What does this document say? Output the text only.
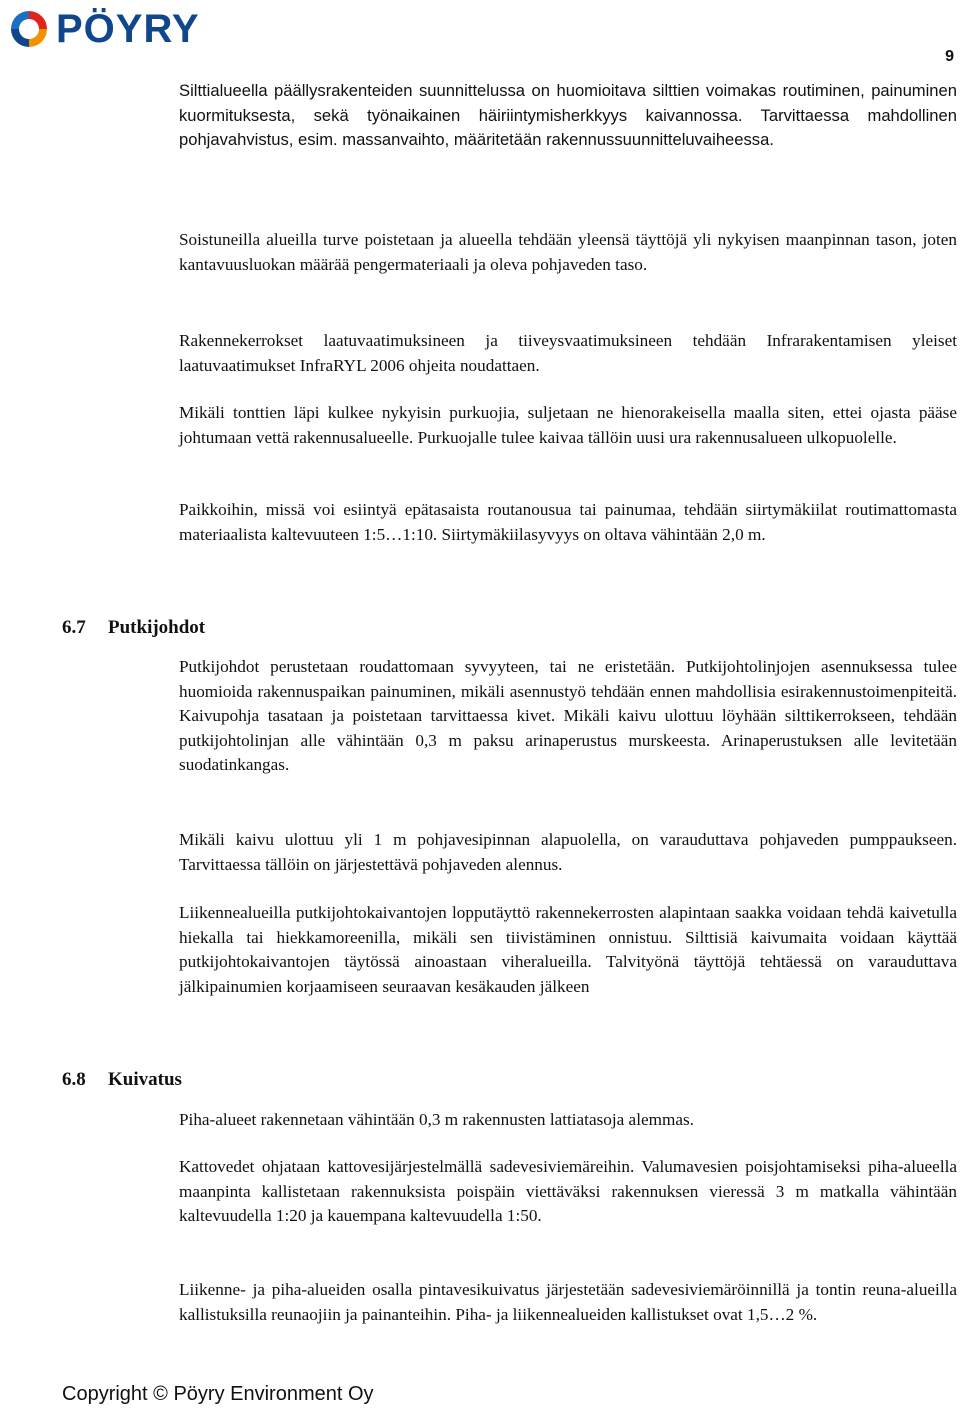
PÖYRY
9

Silttialueella päällysrakenteiden suunnittelussa on huomioitava silttien voimakas routiminen, painuminen kuormituksesta, sekä työnaikainen häiriintymisherkkyys kaivannossa. Tarvittaessa mahdollinen pohjavahvistus, esim. massanvaihto, määritetään rakennussuunnitteluvaiheessa.

Soistuneilla alueilla turve poistetaan ja alueella tehdään yleensä täyttöjä yli nykyisen maanpinnan tason, joten kantavuusluokan määrää pengermateriaali ja oleva pohjaveden taso.

Rakennekerrokset laatuvaatimuksineen ja tiiveysvaatimuksineen tehdään Infrarakentamisen yleiset laatuvaatimukset InfraRYL 2006 ohjeita noudattaen.

Mikäli tonttien läpi kulkee nykyisin purkuojia, suljetaan ne hienorakeisella maalla siten, ettei ojasta pääse johtumaan vettä rakennusalueelle. Purkuojalle tulee kaivaa tällöin uusi ura rakennusalueen ulkopuolelle.

Paikkoihin, missä voi esiintyä epätasaista routanousua tai painumaa, tehdään siirtymäkiilat routimattomasta materiaalista kaltevuuteen 1:5…1:10. Siirtymäkiilasyvyys on oltava vähintään 2,0 m.

6.7 Putkijohdot

Putkijohdot perustetaan roudattomaan syvyyteen, tai ne eristetään. Putkijohtolinjojen asennuksessa tulee huomioida rakennuspaikan painuminen, mikäli asennustyö tehdään ennen mahdollisia esirakennustoimenpiteitä. Kaivupohja tasataan ja poistetaan tarvittaessa kivet. Mikäli kaivu ulottuu löyhään silttikerrokseen, tehdään putkijohtolinjan alle vähintään 0,3 m paksu arinaperustus murskeesta. Arinaperustuksen alle levitetään suodatinkangas.

Mikäli kaivu ulottuu yli 1 m pohjavesipinnan alapuolella, on varauduttava pohjaveden pumppaukseen. Tarvittaessa tällöin on järjestettävä pohjaveden alennus.

Liikennealueilla putkijohtokaivantojen lopputäyttö rakennekerrosten alapintaan saakka voidaan tehdä kaivetulla hiekalla tai hiekkamoreenilla, mikäli sen tiivistäminen onnistuu. Silttisiä kaivumaita voidaan käyttää putkijohtokaivantojen täytössä ainoastaan viheralueilla. Talvityönä täyttöjä tehtäessä on varauduttava jälkipainumien korjaamiseen seuraavan kesäkauden jälkeen

6.8 Kuivatus

Piha-alueet rakennetaan vähintään 0,3 m rakennusten lattiatasoja alemmas.

Kattovedet ohjataan kattovesijärjestelmällä sadevesiviemäreihin. Valumavesien poisjohtamiseksi piha-alueella maanpinta kallistetaan rakennuksista poispäin viettäväksi rakennuksen vieressä 3 m matkalla vähintään kaltevuudella 1:20 ja kauempana kaltevuudella 1:50.

Liikenne- ja piha-alueiden osalla pintavesikuivatus järjestetään sadevesiviemäröinnillä ja tontin reuna-alueilla kallistuksilla reunaojiin ja painanteihin. Piha- ja liikennealueiden kallistukset ovat 1,5…2 %.

Copyright © Pöyry Environment Oy
